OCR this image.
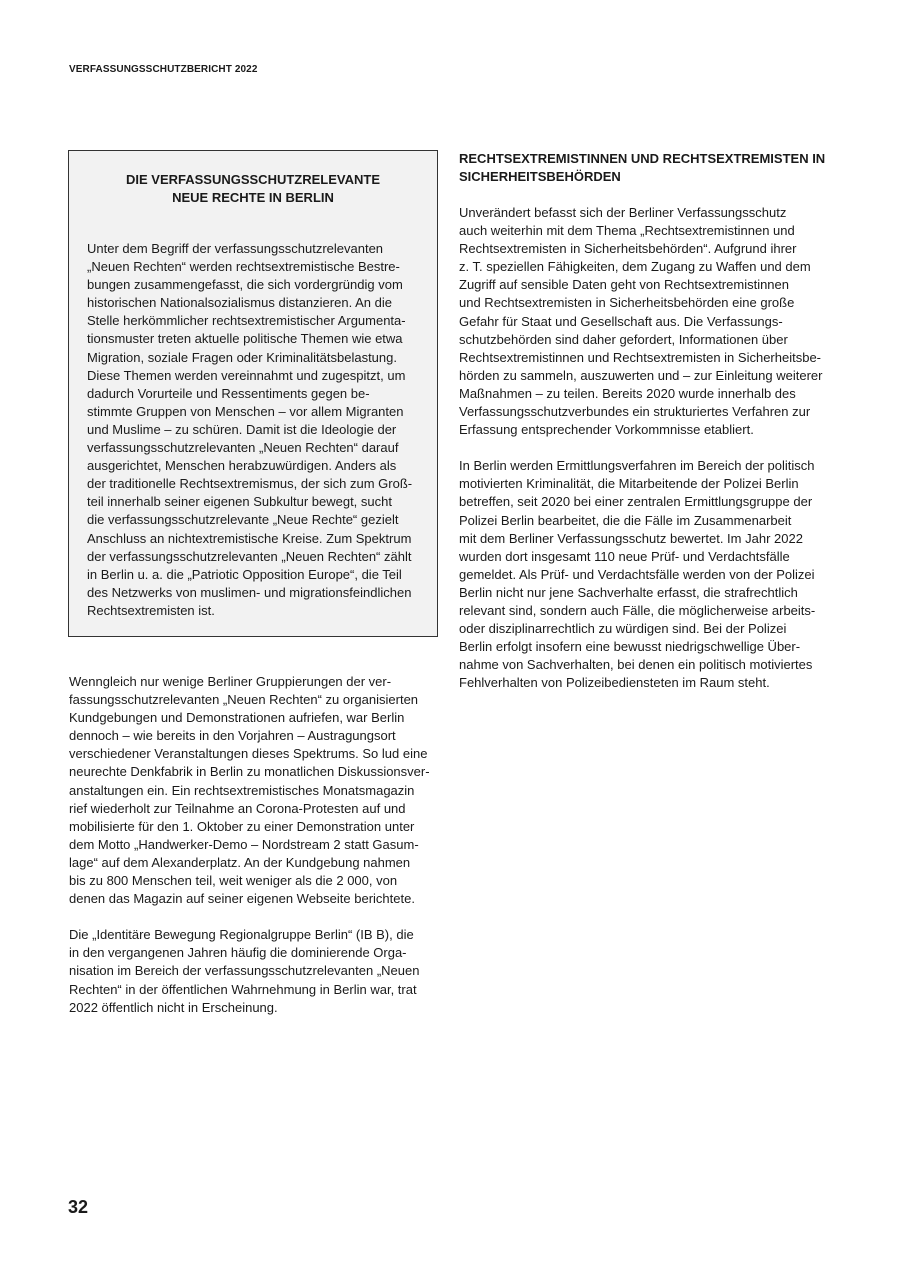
VERFASSUNGSSCHUTZBERICHT 2022
DIE VERFASSUNGSSCHUTZRELEVANTE
NEUE RECHTE IN BERLIN

Unter dem Begriff der verfassungsschutzrelevanten
„Neuen Rechten“ werden rechtsextremistische Bestre-
bungen zusammengefasst, die sich vordergründig vom
historischen Nationalsozialismus distanzieren. An die
Stelle herkömmlicher rechtsextremistischer Argumenta-
tionsmuster treten aktuelle politische Themen wie etwa
Migration, soziale Fragen oder Kriminalitätsbelastung.
Diese Themen werden vereinnahmt und zugespitzt, um
dadurch Vorurteile und Ressentiments gegen be-
stimmte Gruppen von Menschen – vor allem Migranten
und Muslime – zu schüren. Damit ist die Ideologie der
verfassungsschutzrelevanten „Neuen Rechten“ darauf
ausgerichtet, Menschen herabzuwürdigen. Anders als
der traditionelle Rechtsextremismus, der sich zum Groß-
teil innerhalb seiner eigenen Subkultur bewegt, sucht
die verfassungsschutzrelevante „Neue Rechte“ gezielt
Anschluss an nichtextremistische Kreise. Zum Spektrum
der verfassungsschutzrelevanten „Neuen Rechten“ zählt
in Berlin u. a. die „Patriotic Opposition Europe“, die Teil
des Netzwerks von muslimen- und migrationsfeindlichen
Rechtsextremisten ist.

Wenngleich nur wenige Berliner Gruppierungen der ver-
fassungsschutzrelevanten „Neuen Rechten“ zu organisierten
Kundgebungen und Demonstrationen aufriefen, war Berlin
dennoch – wie bereits in den Vorjahren – Austragungsort
verschiedener Veranstaltungen dieses Spektrums. So lud eine
neurechte Denkfabrik in Berlin zu monatlichen Diskussionsver-
anstaltungen ein. Ein rechtsextremistisches Monatsmagazin
rief wiederholt zur Teilnahme an Corona-Protesten auf und
mobilisierte für den 1. Oktober zu einer Demonstration unter
dem Motto „Handwerker-Demo – Nordstream 2 statt Gasum-
lage“ auf dem Alexanderplatz. An der Kundgebung nahmen
bis zu 800 Menschen teil, weit weniger als die 2 000, von
denen das Magazin auf seiner eigenen Webseite berichtete.

Die „Identitäre Bewegung Regionalgruppe Berlin“ (IB B), die
in den vergangenen Jahren häufig die dominierende Orga-
nisation im Bereich der verfassungsschutzrelevanten „Neuen
Rechten“ in der öffentlichen Wahrnehmung in Berlin war, trat
2022 öffentlich nicht in Erscheinung.

RECHTSEXTREMISTINNEN UND RECHTSEXTREMISTEN IN
SICHERHEITSBEHÖRDEN

Unverändert befasst sich der Berliner Verfassungsschutz
auch weiterhin mit dem Thema „Rechtsextremistinnen und
Rechtsextremisten in Sicherheitsbehörden“. Aufgrund ihrer
z. T. speziellen Fähigkeiten, dem Zugang zu Waffen und dem
Zugriff auf sensible Daten geht von Rechtsextremistinnen
und Rechtsextremisten in Sicherheitsbehörden eine große
Gefahr für Staat und Gesellschaft aus. Die Verfassungs-
schutzbehörden sind daher gefordert, Informationen über
Rechtsextremistinnen und Rechtsextremisten in Sicherheitsbe-
hörden zu sammeln, auszuwerten und – zur Einleitung weiterer
Maßnahmen – zu teilen. Bereits 2020 wurde innerhalb des
Verfassungsschutzverbundes ein strukturiertes Verfahren zur
Erfassung entsprechender Vorkommnisse etabliert.

In Berlin werden Ermittlungsverfahren im Bereich der politisch
motivierten Kriminalität, die Mitarbeitende der Polizei Berlin
betreffen, seit 2020 bei einer zentralen Ermittlungsgruppe der
Polizei Berlin bearbeitet, die die Fälle im Zusammenarbeit
mit dem Berliner Verfassungsschutz bewertet. Im Jahr 2022
wurden dort insgesamt 110 neue Prüf- und Verdachtsfälle
gemeldet. Als Prüf- und Verdachtsfälle werden von der Polizei
Berlin nicht nur jene Sachverhalte erfasst, die strafrechtlich
relevant sind, sondern auch Fälle, die möglicherweise arbeits-
oder disziplinarrechtlich zu würdigen sind. Bei der Polizei
Berlin erfolgt insofern eine bewusst niedrigschwellige Über-
nahme von Sachverhalten, bei denen ein politisch motiviertes
Fehlverhalten von Polizeibediensteten im Raum steht.

32
